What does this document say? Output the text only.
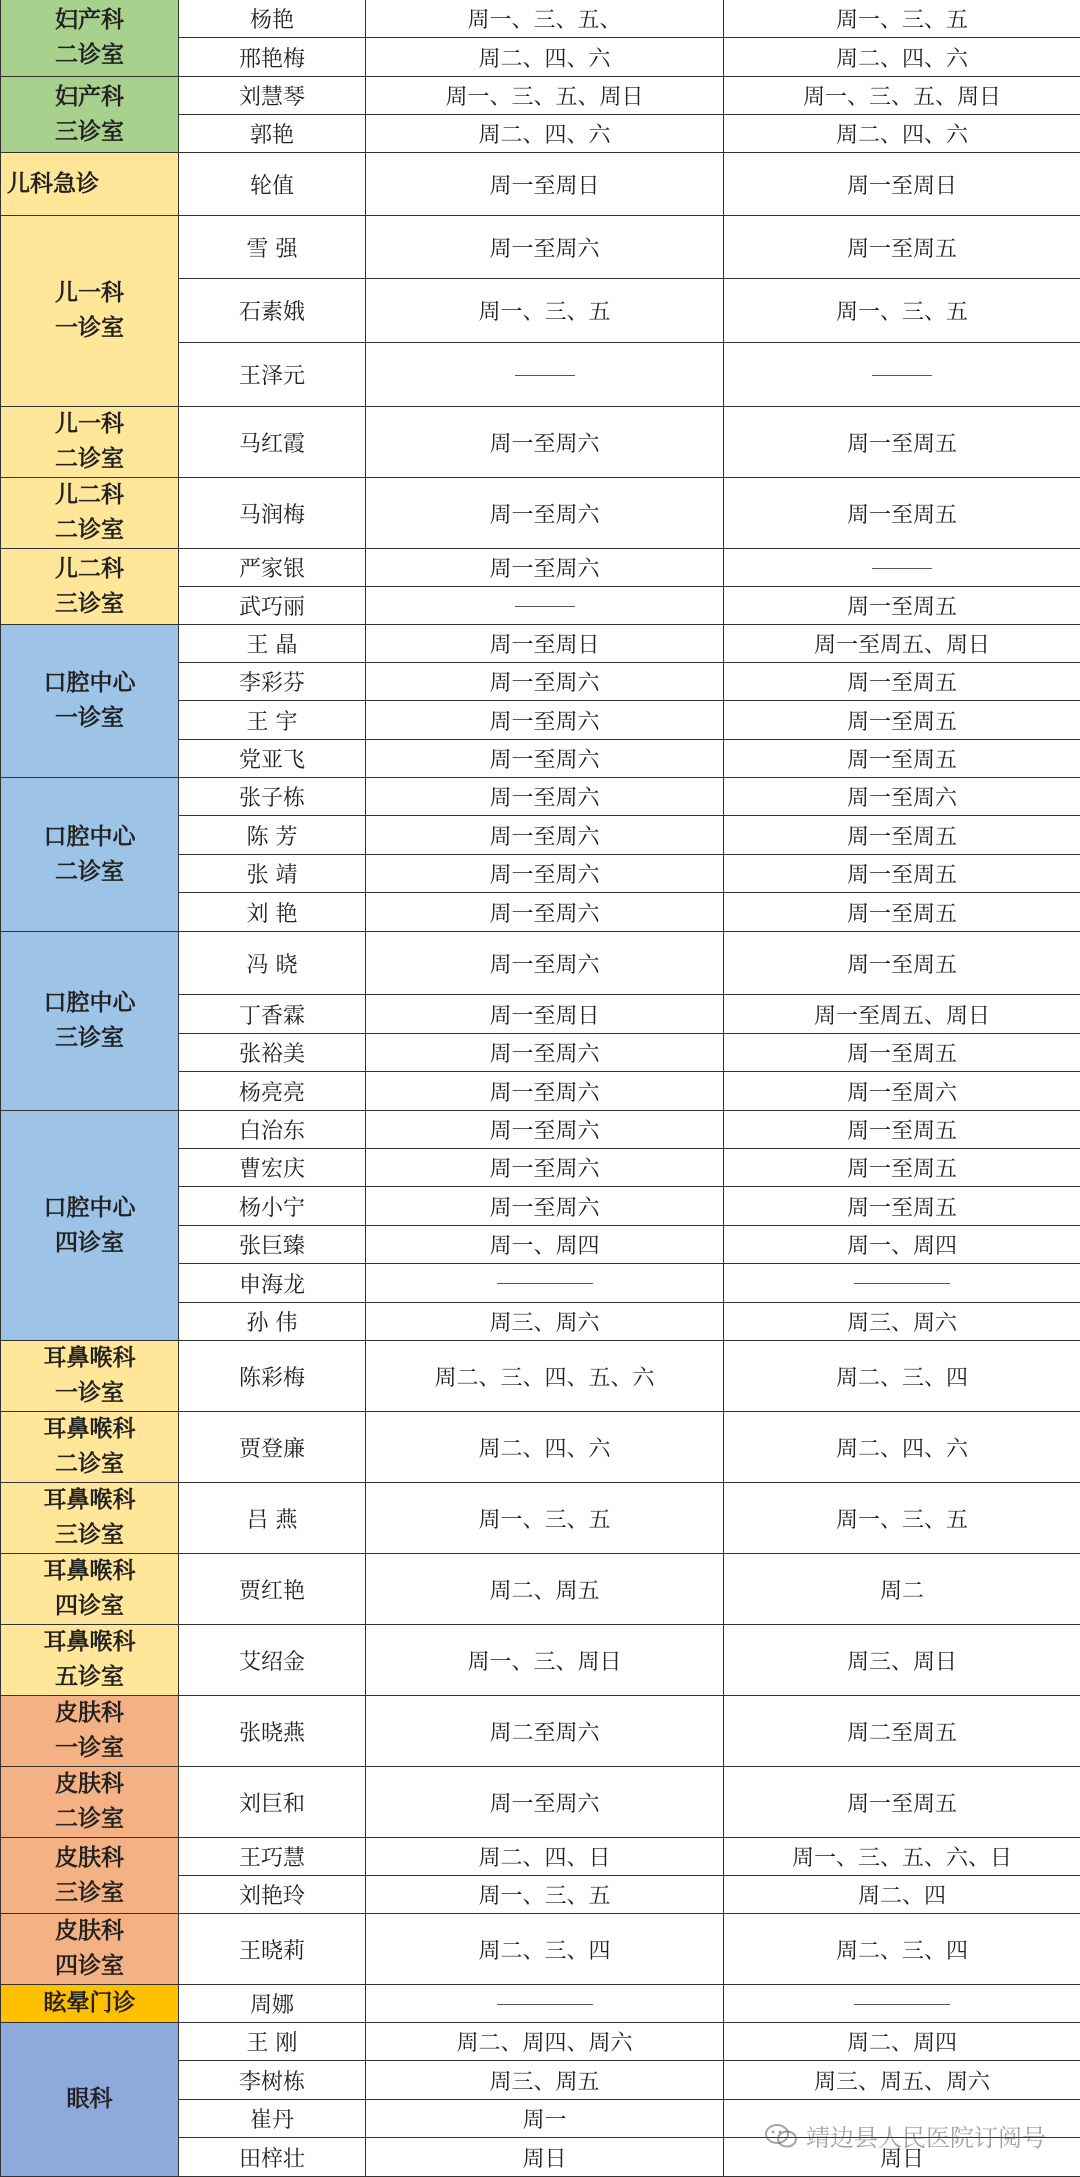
妇产科
二诊室	杨艳	周一、三、五、	周一、三、五
	邢艳梅	周二、四、六	周二、四、六
妇产科
三诊室	刘慧琴	周一、三、五、周日	周一、三、五、周日
	郭艳	周二、四、六	周二、四、六
儿科急诊	轮值	周一至周日	周一至周日
儿一科
一诊室	雪 强	周一至周六	周一至周五
	石素娥	周一、三、五	周一、三、五
	王泽元		
儿一科
二诊室	马红霞	周一至周六	周一至周五
儿二科
二诊室	马润梅	周一至周六	周一至周五
儿二科
三诊室	严家银	周一至周六	
	武巧丽		周一至周五
口腔中心
一诊室	王 晶	周一至周日	周一至周五、周日
	李彩芬	周一至周六	周一至周五
	王 宇	周一至周六	周一至周五
	党亚飞	周一至周六	周一至周五
口腔中心
二诊室	张子栋	周一至周六	周一至周六
	陈 芳	周一至周六	周一至周五
	张 靖	周一至周六	周一至周五
	刘 艳	周一至周六	周一至周五
口腔中心
三诊室	冯 晓	周一至周六	周一至周五
	丁香霖	周一至周日	周一至周五、周日
	张裕美	周一至周六	周一至周五
	杨亮亮	周一至周六	周一至周六
口腔中心
四诊室	白治东	周一至周六	周一至周五
	曹宏庆	周一至周六	周一至周五
	杨小宁	周一至周六	周一至周五
	张巨臻	周一、周四	周一、周四
	申海龙		
	孙 伟	周三、周六	周三、周六
耳鼻喉科
一诊室	陈彩梅	周二、三、四、五、六	周二、三、四
耳鼻喉科
二诊室	贾登廉	周二、四、六	周二、四、六
耳鼻喉科
三诊室	吕 燕	周一、三、五	周一、三、五
耳鼻喉科
四诊室	贾红艳	周二、周五	周二
耳鼻喉科
五诊室	艾绍金	周一、三、周日	周三、周日
皮肤科
一诊室	张晓燕	周二至周六	周二至周五
皮肤科
二诊室	刘巨和	周一至周六	周一至周五
皮肤科
三诊室	王巧慧	周二、四、日	周一、三、五、六、日
	刘艳玲	周一、三、五	周二、四
皮肤科
四诊室	王晓莉	周二、三、四	周二、三、四
眩晕门诊	周娜		
眼科	王 刚	周二、周四、周六	周二、周四
	李树栋	周三、周五	周三、周五、周六
	崔丹	周一	
	田梓壮	周日	周日
靖边县人民医院订阅号
